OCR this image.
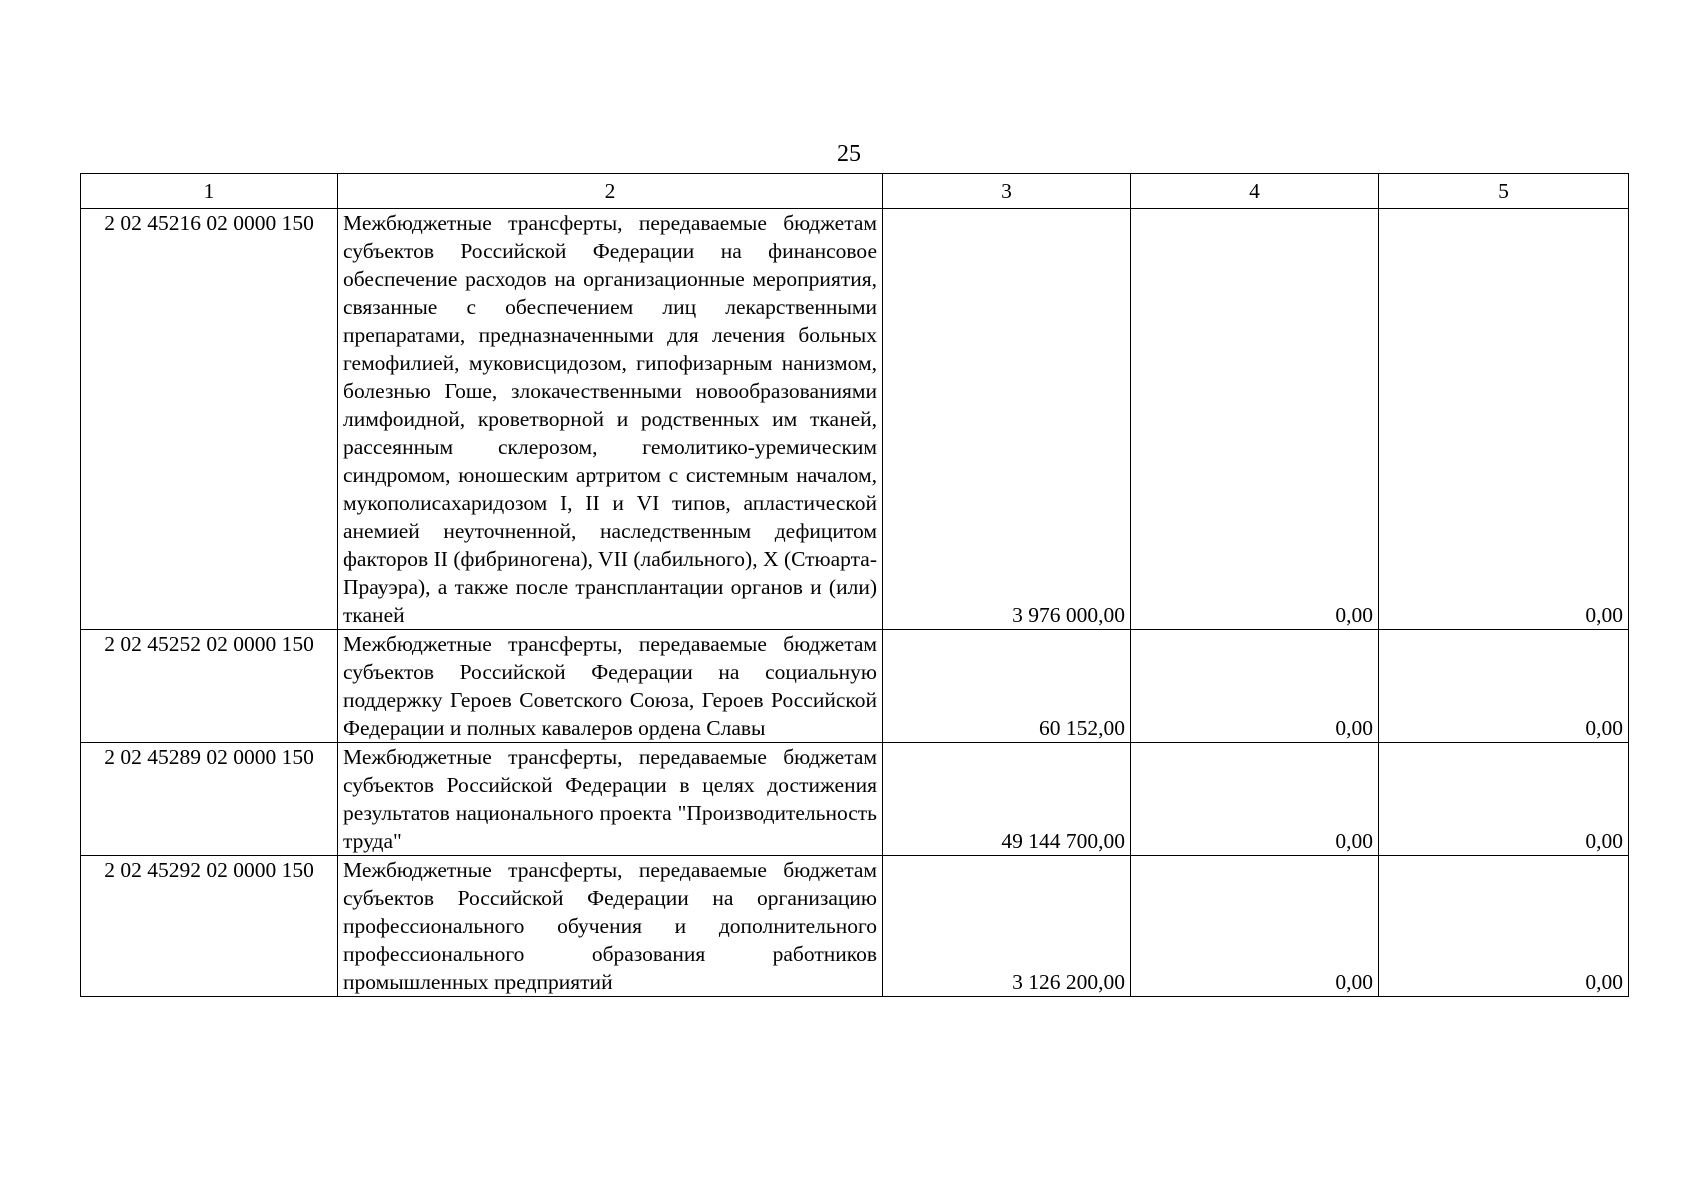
25
1	2	3	4	5
2 02 45216 02 0000 150	Межбюджетные трансферты, передаваемые бюджетам субъектов Российской Федерации на финансовое обеспечение расходов на организационные мероприятия, связанные с обеспечением лиц лекарственными препаратами, предназначенными для лечения больных гемофилией, муковисцидозом, гипофизарным нанизмом, болезнью Гоше, злокачественными новообразованиями лимфоидной, кроветворной и родственных им тканей, рассеянным склерозом, гемолитико-уремическим синдромом, юношеским артритом с системным началом, мукополисахаридозом I, II и VI типов, апластической анемией неуточненной, наследственным дефицитом факторов II (фибриногена), VII (лабильного), X (Стюарта-Прауэра), а также после трансплантации органов и (или) тканей	3 976 000,00	0,00	0,00
2 02 45252 02 0000 150	Межбюджетные трансферты, передаваемые бюджетам субъектов Российской Федерации на социальную поддержку Героев Советского Союза, Героев Российской Федерации и полных кавалеров ордена Славы	60 152,00	0,00	0,00
2 02 45289 02 0000 150	Межбюджетные трансферты, передаваемые бюджетам субъектов Российской Федерации в целях достижения результатов национального проекта "Производительность труда"	49 144 700,00	0,00	0,00
2 02 45292 02 0000 150	Межбюджетные трансферты, передаваемые бюджетам субъектов Российской Федерации на организацию профессионального обучения и дополнительного профессионального образования работников промышленных предприятий	3 126 200,00	0,00	0,00
